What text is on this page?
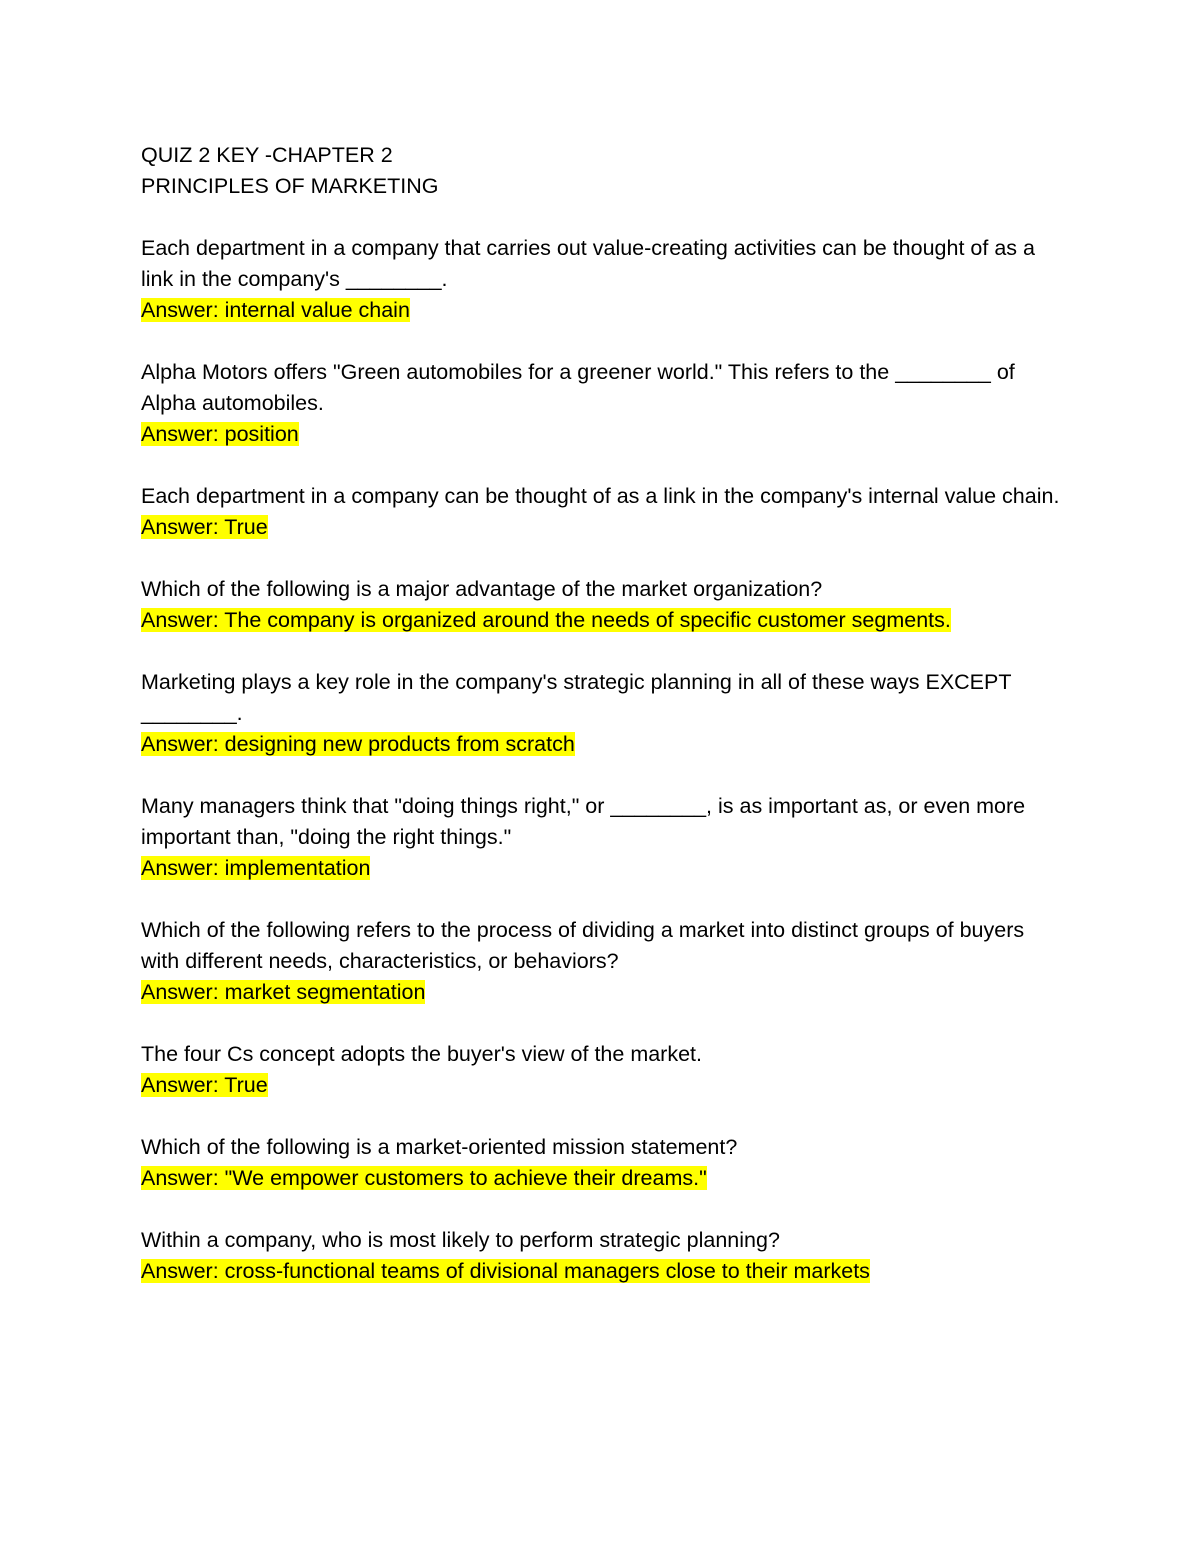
QUIZ 2 KEY -CHAPTER 2
PRINCIPLES OF MARKETING
Each department in a company that carries out value-creating activities can be thought of as a link in the company's ________.
Answer: internal value chain
Alpha Motors offers "Green automobiles for a greener world." This refers to the ________ of Alpha automobiles.
Answer: position
Each department in a company can be thought of as a link in the company's internal value chain.
Answer: True
Which of the following is a major advantage of the market organization?
Answer: The company is organized around the needs of specific customer segments.
Marketing plays a key role in the company's strategic planning in all of these ways EXCEPT ________.
Answer: designing new products from scratch
Many managers think that "doing things right," or ________, is as important as, or even more important than, "doing the right things."
Answer: implementation
Which of the following refers to the process of dividing a market into distinct groups of buyers with different needs, characteristics, or behaviors?
Answer: market segmentation
The four Cs concept adopts the buyer's view of the market.
Answer: True
Which of the following is a market-oriented mission statement?
Answer: "We empower customers to achieve their dreams."
Within a company, who is most likely to perform strategic planning?
Answer: cross-functional teams of divisional managers close to their markets
